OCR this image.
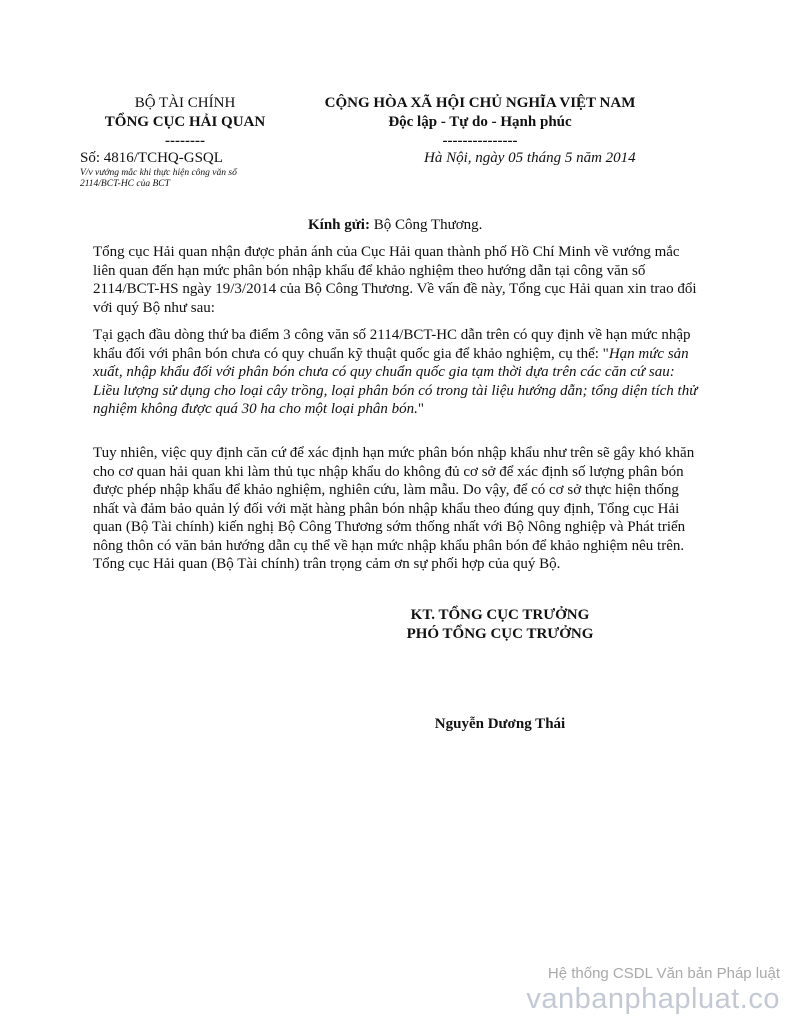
BỘ TÀI CHÍNH
TỔNG CỤC HẢI QUAN
--------
CỘNG HÒA XÃ HỘI CHỦ NGHĨA VIỆT NAM
Độc lập - Tự do - Hạnh phúc
---------------
Số: 4816/TCHQ-GSQL
V/v vướng mắc khi thực hiện công văn số 2114/BCT-HC của BCT
Hà Nội, ngày 05 tháng 5 năm 2014
Kính gửi: Bộ Công Thương.
Tổng cục Hải quan nhận được phản ánh của Cục Hải quan thành phố Hồ Chí Minh về vướng mắc liên quan đến hạn mức phân bón nhập khẩu để khảo nghiệm theo hướng dẫn tại công văn số 2114/BCT-HS ngày 19/3/2014 của Bộ Công Thương. Về vấn đề này, Tổng cục Hải quan xin trao đổi với quý Bộ như sau:
Tại gạch đầu dòng thứ ba điểm 3 công văn số 2114/BCT-HC dẫn trên có quy định về hạn mức nhập khẩu đối với phân bón chưa có quy chuẩn kỹ thuật quốc gia để khảo nghiệm, cụ thể: "Hạn mức sản xuất, nhập khẩu đối với phân bón chưa có quy chuẩn quốc gia tạm thời dựa trên các căn cứ sau: Liều lượng sử dụng cho loại cây trồng, loại phân bón có trong tài liệu hướng dẫn; tổng diện tích thử nghiệm không được quá 30 ha cho một loại phân bón."
Tuy nhiên, việc quy định căn cứ để xác định hạn mức phân bón nhập khẩu như trên sẽ gây khó khăn cho cơ quan hải quan khi làm thủ tục nhập khẩu do không đủ cơ sở để xác định số lượng phân bón được phép nhập khẩu để khảo nghiệm, nghiên cứu, làm mẫu. Do vậy, để có cơ sở thực hiện thống nhất và đảm bảo quản lý đối với mặt hàng phân bón nhập khẩu theo đúng quy định, Tổng cục Hải quan (Bộ Tài chính) kiến nghị Bộ Công Thương sớm thống nhất với Bộ Nông nghiệp và Phát triển nông thôn có văn bản hướng dẫn cụ thể về hạn mức nhập khẩu phân bón để khảo nghiệm nêu trên.
Tổng cục Hải quan (Bộ Tài chính) trân trọng cảm ơn sự phối hợp của quý Bộ.
KT. TỔNG CỤC TRƯỞNG
PHÓ TỔNG CỤC TRƯỞNG
Nguyễn Dương Thái
Hệ thống CSDL Văn bản Pháp luật
vanbanphapluat.co
